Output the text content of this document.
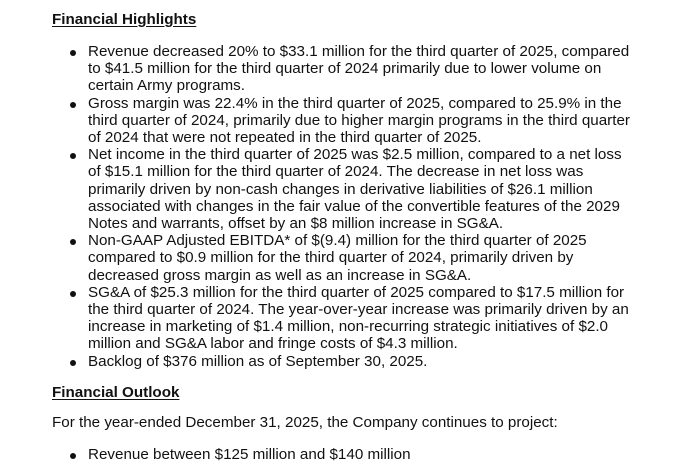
Financial Highlights
Revenue decreased 20% to $33.1 million for the third quarter of 2025, compared to $41.5 million for the third quarter of 2024 primarily due to lower volume on certain Army programs.
Gross margin was 22.4% in the third quarter of 2025, compared to 25.9% in the third quarter of 2024, primarily due to higher margin programs in the third quarter of 2024 that were not repeated in the third quarter of 2025.
Net income in the third quarter of 2025 was $2.5 million, compared to a net loss of $15.1 million for the third quarter of 2024. The decrease in net loss was primarily driven by non-cash changes in derivative liabilities of $26.1 million associated with changes in the fair value of the convertible features of the 2029 Notes and warrants, offset by an $8 million increase in SG&A.
Non-GAAP Adjusted EBITDA* of $(9.4) million for the third quarter of 2025 compared to $0.9 million for the third quarter of 2024, primarily driven by decreased gross margin as well as an increase in SG&A.
SG&A of $25.3 million for the third quarter of 2025 compared to $17.5 million for the third quarter of 2024. The year-over-year increase was primarily driven by an increase in marketing of $1.4 million, non-recurring strategic initiatives of $2.0 million and SG&A labor and fringe costs of $4.3 million.
Backlog of $376 million as of September 30, 2025.
Financial Outlook
For the year-ended December 31, 2025, the Company continues to project:
Revenue between $125 million and $140 million
